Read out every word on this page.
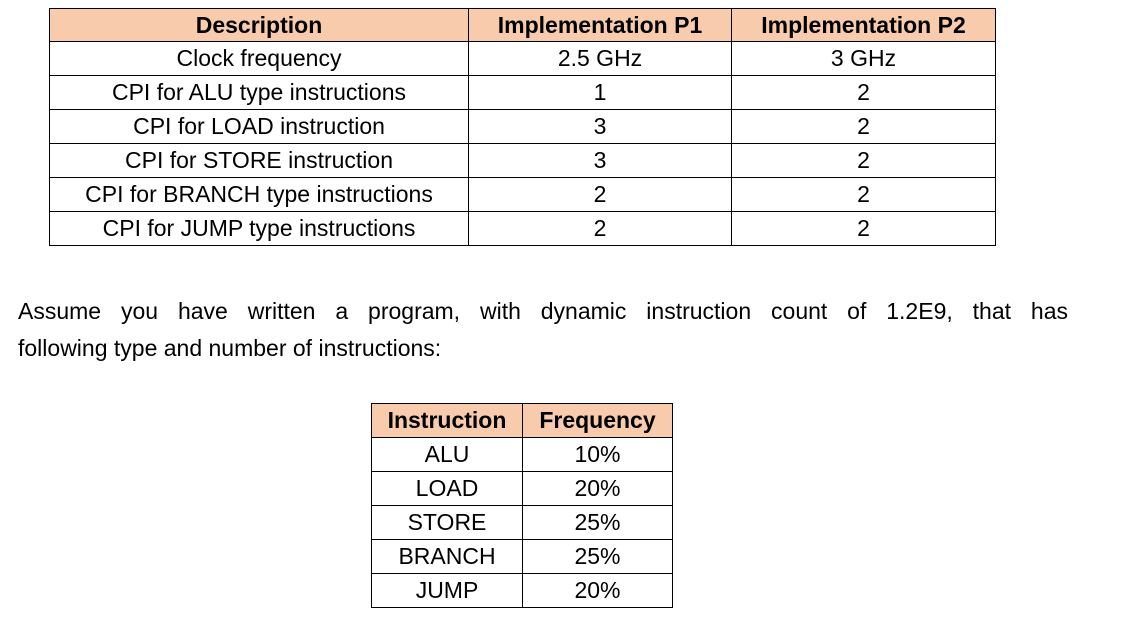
Description	Implementation P1	Implementation P2
Clock frequency	2.5 GHz	3 GHz
CPI for ALU type instructions	1	2
CPI for LOAD instruction	3	2
CPI for STORE instruction	3	2
CPI for BRANCH type instructions	2	2
CPI for JUMP type instructions	2	2
Assume you have written a program, with dynamic instruction count of 1.2E9, that has
following type and number of instructions:
Instruction	Frequency
ALU	10%
LOAD	20%
STORE	25%
BRANCH	25%
JUMP	20%
